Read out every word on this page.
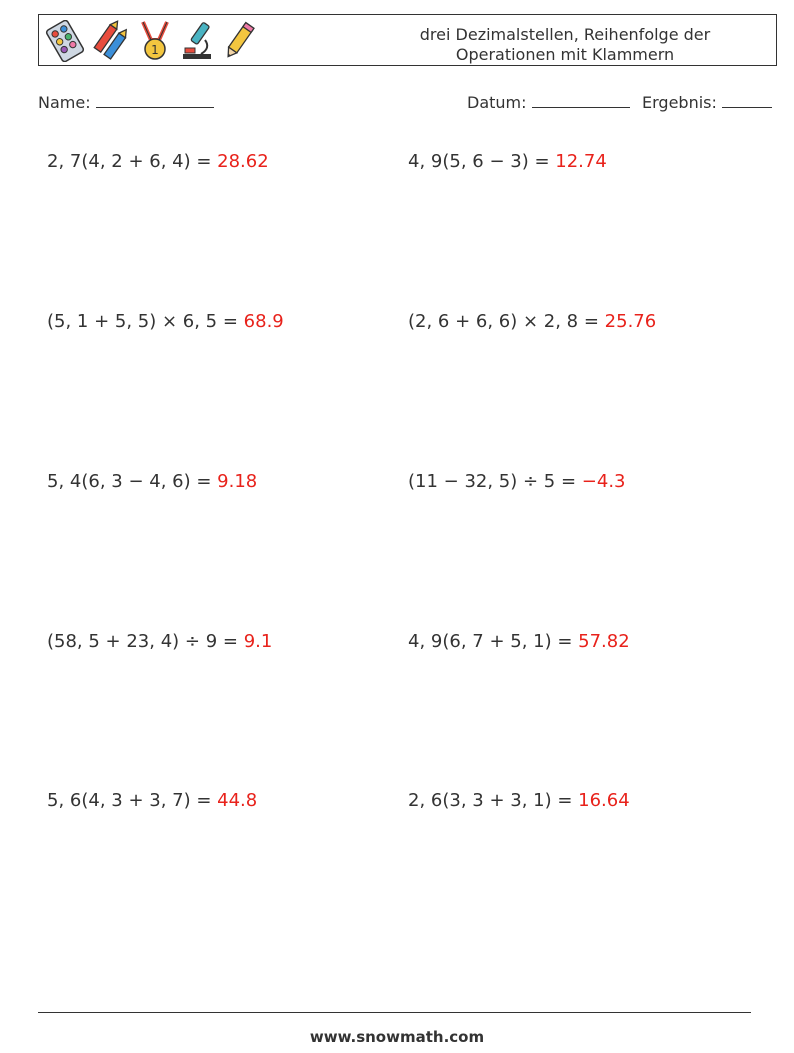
1
drei Dezimalstellen, Reihenfolge der
Operationen mit Klammern
Name:	Datum:	Ergebnis:
2, 7(4, 2 + 6, 4) = 28.62	4, 9(5, 6 − 3) = 12.74
(5, 1 + 5, 5) × 6, 5 = 68.9	(2, 6 + 6, 6) × 2, 8 = 25.76
5, 4(6, 3 − 4, 6) = 9.18	(11 − 32, 5) ÷ 5 = −4.3
(58, 5 + 23, 4) ÷ 9 = 9.1	4, 9(6, 7 + 5, 1) = 57.82
5, 6(4, 3 + 3, 7) = 44.8	2, 6(3, 3 + 3, 1) = 16.64
www.snowmath.com
